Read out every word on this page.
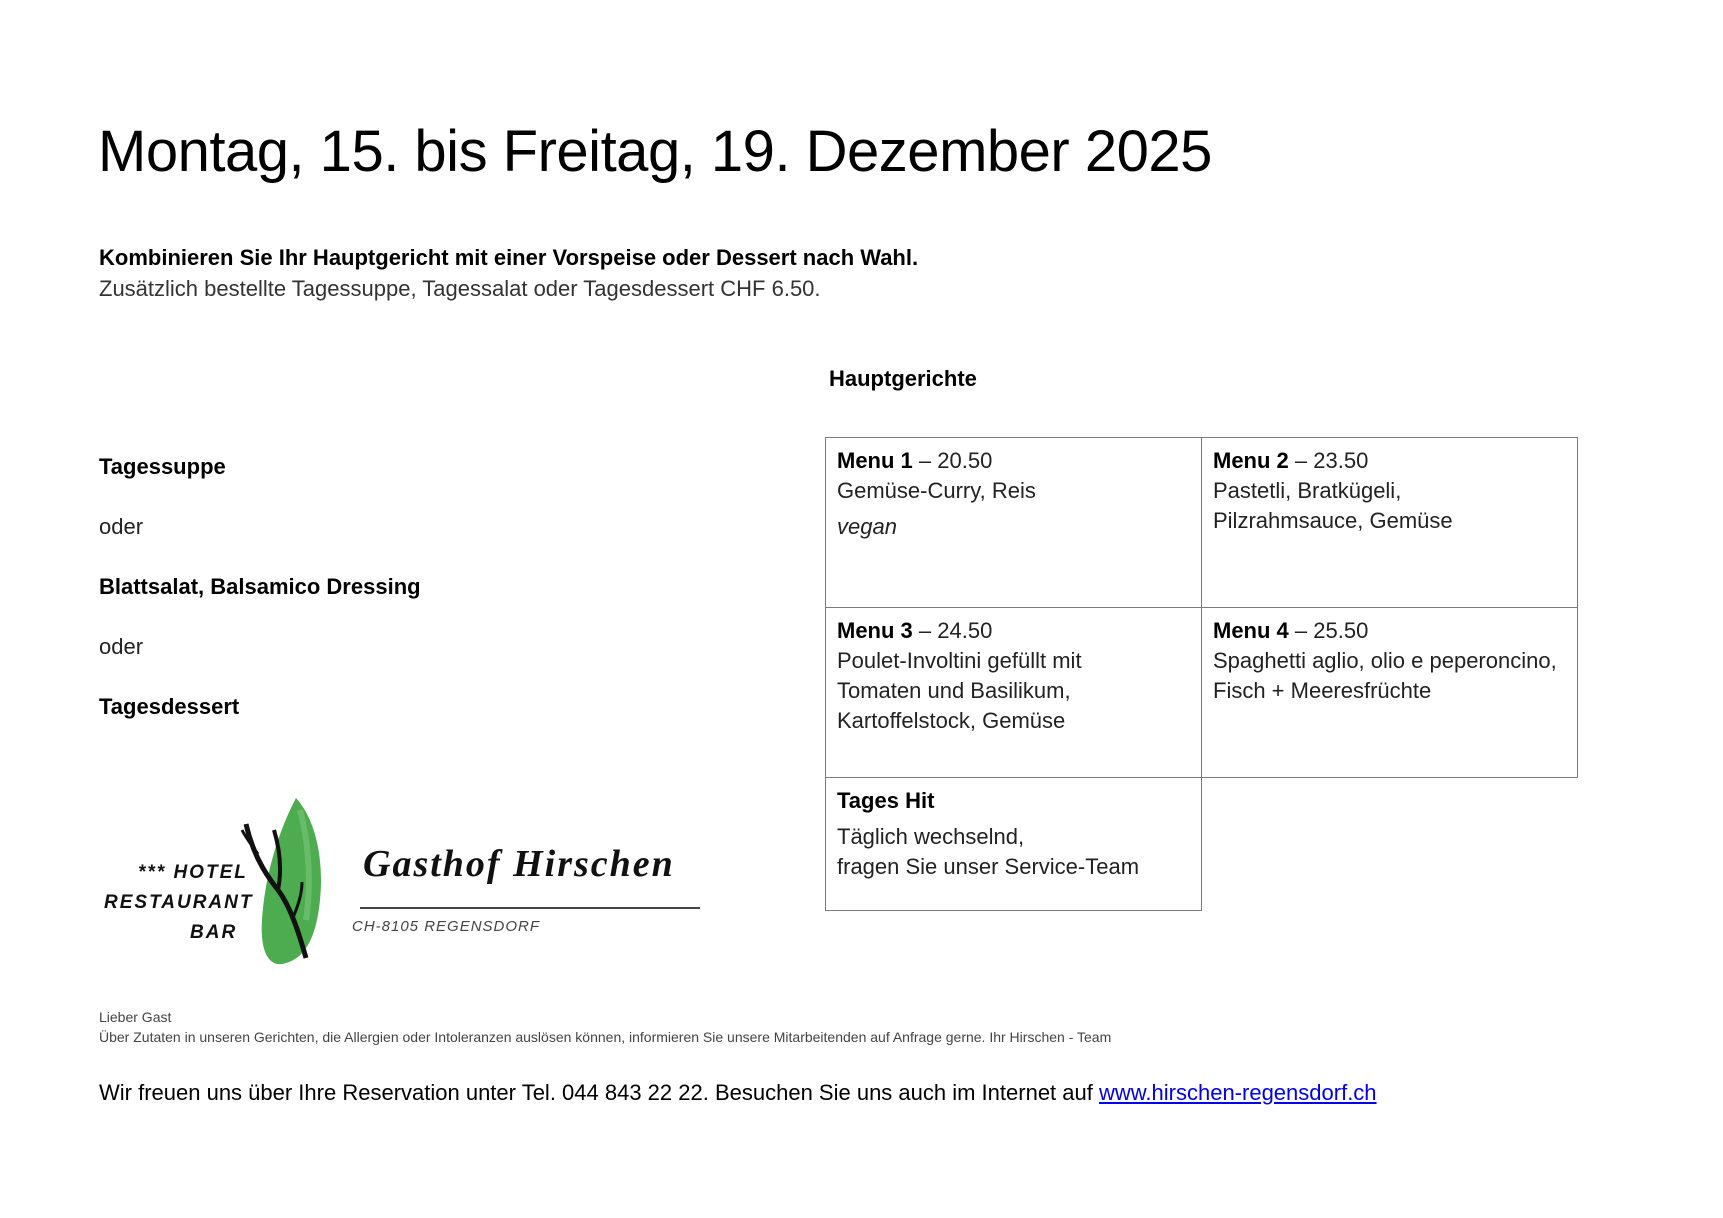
Montag, 15. bis Freitag, 19. Dezember 2025
Kombinieren Sie Ihr Hauptgericht mit einer Vorspeise oder Dessert nach Wahl.
Zusätzlich bestellte Tagessuppe, Tagessalat oder Tagesdessert CHF 6.50.
Hauptgerichte
Tagessuppe
oder
Blattsalat, Balsamico Dressing
oder
Tagesdessert
Menu 1 – 20.50
Gemüse-Curry, Reis
vegan
Menu 2 – 23.50
Pastetli, Bratkügeli,
Pilzrahmsauce, Gemüse
Menu 3 – 24.50
Poulet-Involtini gefüllt mit
Tomaten und Basilikum,
Kartoffelstock, Gemüse
Menu 4 – 25.50
Spaghetti aglio, olio e peperoncino,
Fisch + Meeresfrüchte
Tages Hit
Täglich wechselnd,
fragen Sie unser Service-Team
*** HOTEL
RESTAURANT
BAR
Gasthof Hirschen
CH-8105 REGENSDORF
Lieber Gast
Über Zutaten in unseren Gerichten, die Allergien oder Intoleranzen auslösen können, informieren Sie unsere Mitarbeitenden auf Anfrage gerne. Ihr Hirschen - Team
Wir freuen uns über Ihre Reservation unter Tel. 044 843 22 22. Besuchen Sie uns auch im Internet auf www.hirschen-regensdorf.ch
